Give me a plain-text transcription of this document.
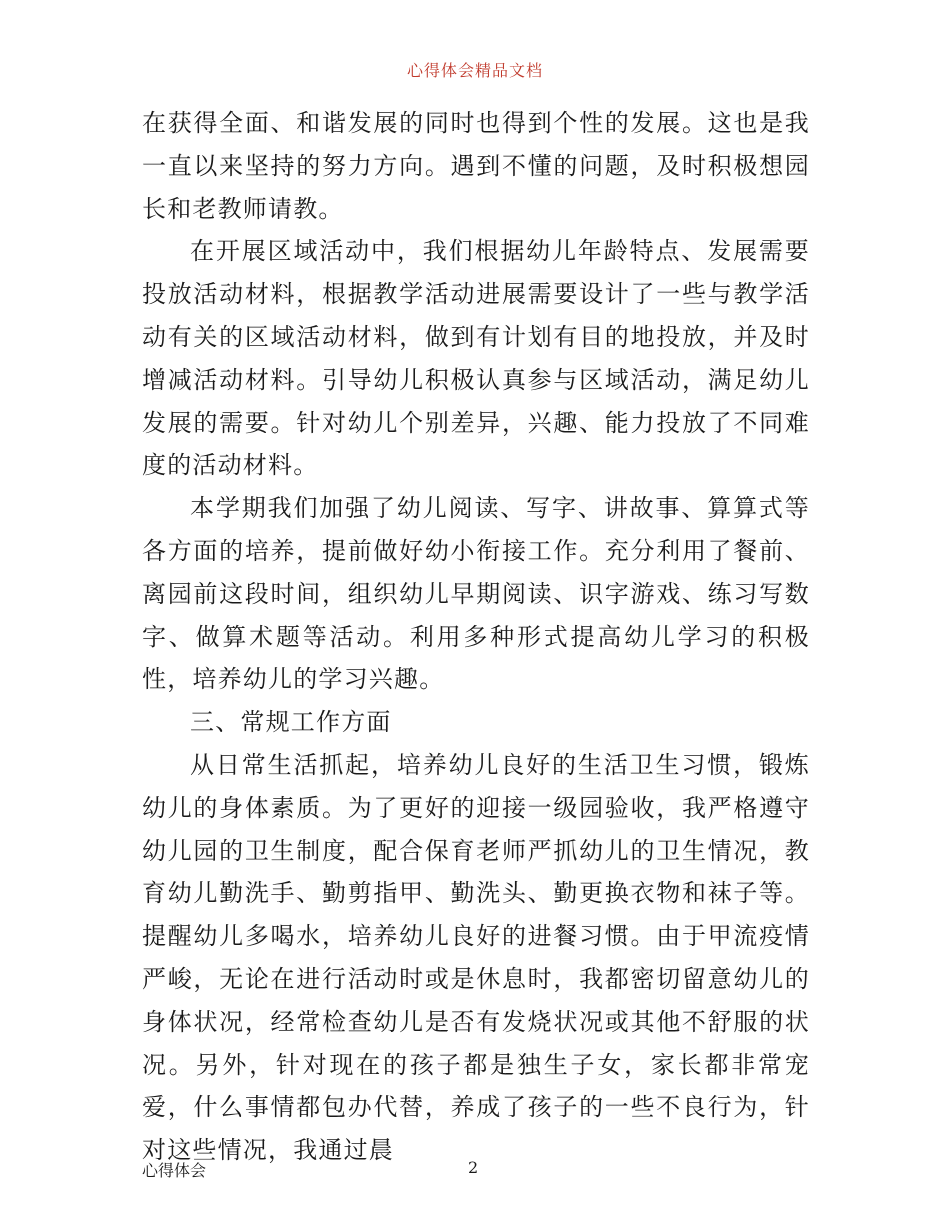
心得体会精品文档

在获得全面、和谐发展的同时也得到个性的发展。这也是我一直以来坚持的努力方向。遇到不懂的问题，及时积极想园长和老教师请教。

在开展区域活动中，我们根据幼儿年龄特点、发展需要投放活动材料，根据教学活动进展需要设计了一些与教学活动有关的区域活动材料，做到有计划有目的地投放，并及时增减活动材料。引导幼儿积极认真参与区域活动，满足幼儿发展的需要。针对幼儿个别差异，兴趣、能力投放了不同难度的活动材料。

本学期我们加强了幼儿阅读、写字、讲故事、算算式等各方面的培养，提前做好幼小衔接工作。充分利用了餐前、离园前这段时间，组织幼儿早期阅读、识字游戏、练习写数字、做算术题等活动。利用多种形式提高幼儿学习的积极性，培养幼儿的学习兴趣。

三、常规工作方面

从日常生活抓起，培养幼儿良好的生活卫生习惯，锻炼幼儿的身体素质。为了更好的迎接一级园验收，我严格遵守幼儿园的卫生制度，配合保育老师严抓幼儿的卫生情况，教育幼儿勤洗手、勤剪指甲、勤洗头、勤更换衣物和袜子等。提醒幼儿多喝水，培养幼儿良好的进餐习惯。由于甲流疫情严峻，无论在进行活动时或是休息时，我都密切留意幼儿的身体状况，经常检查幼儿是否有发烧状况或其他不舒服的状况。另外，针对现在的孩子都是独生子女，家长都非常宠爱，什么事情都包办代替，养成了孩子的一些不良行为，针对这些情况，我通过晨

心得体会	2
